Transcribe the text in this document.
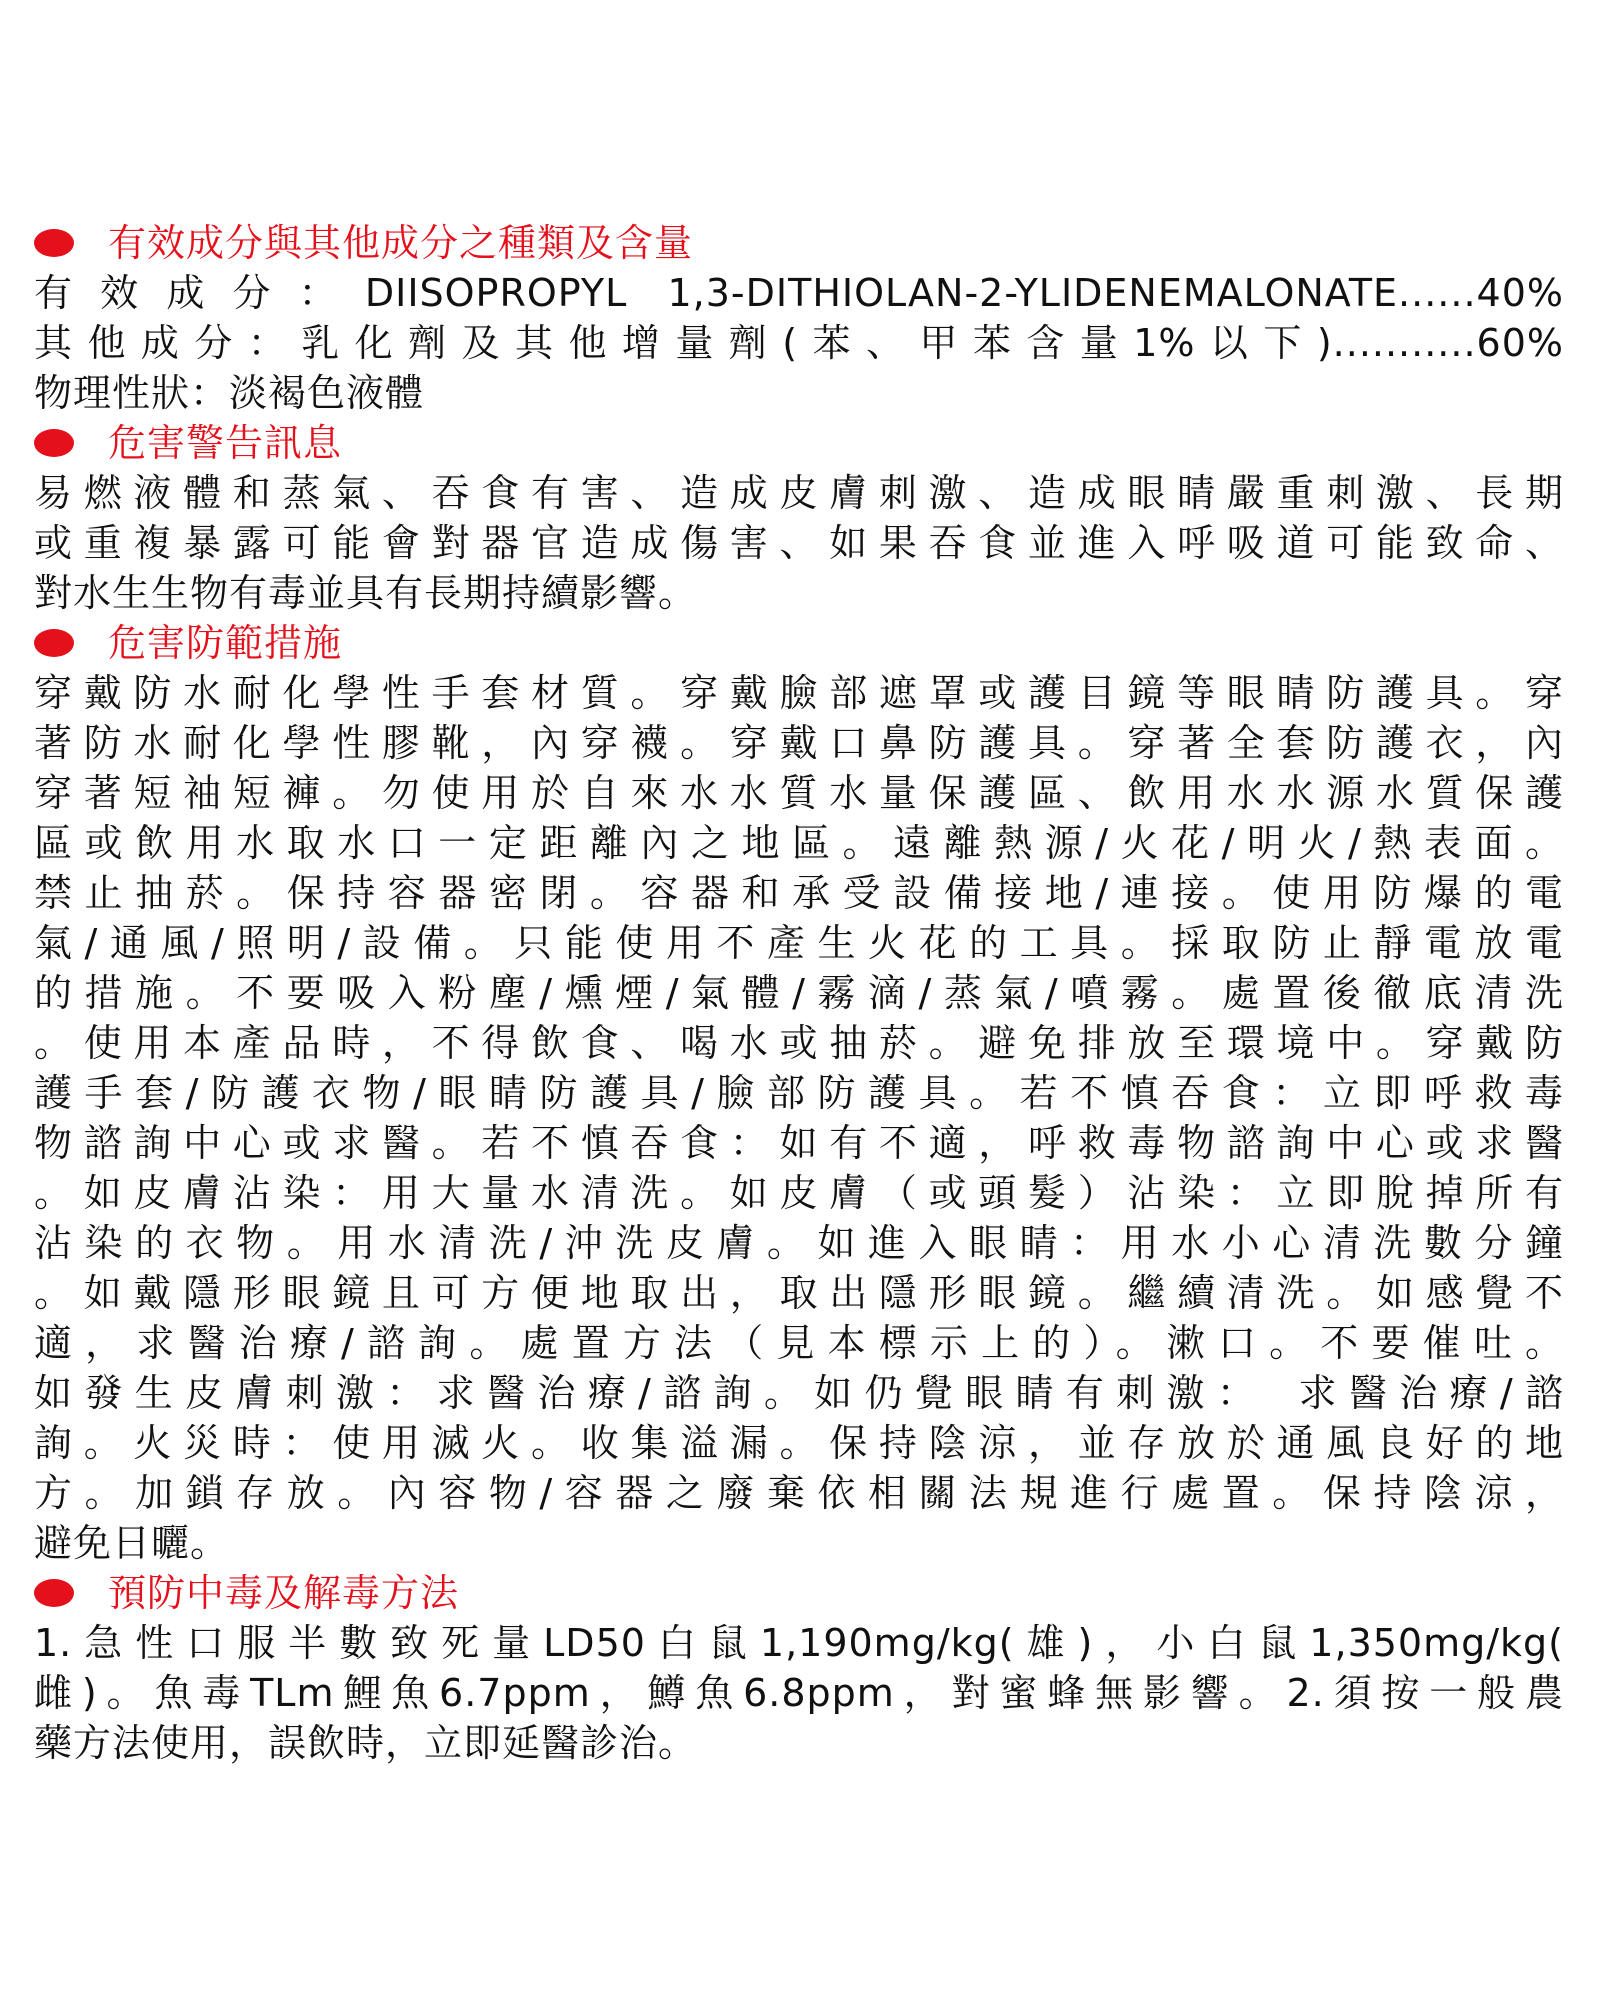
有效成分與其他成分之種類及含量
有效成分：DIISOPROPYL 1,3-DITHIOLAN-2-YLIDENEMALONATE......40%
其他成分：乳化劑及其他增量劑(苯、甲苯含量1%以下)...........60%
物理性狀：淡褐色液體
危害警告訊息
易燃液體和蒸氣、吞食有害、造成皮膚刺激、造成眼睛嚴重刺激、長期
或重複暴露可能會對器官造成傷害、如果吞食並進入呼吸道可能致命、
對水生生物有毒並具有長期持續影響。
危害防範措施
穿戴防水耐化學性手套材質。穿戴臉部遮罩或護目鏡等眼睛防護具。穿
著防水耐化學性膠靴，內穿襪。穿戴口鼻防護具。穿著全套防護衣，內
穿著短袖短褲。勿使用於自來水水質水量保護區、飲用水水源水質保護
區或飲用水取水口一定距離內之地區。遠離熱源/火花/明火/熱表面。
禁止抽菸。保持容器密閉。容器和承受設備接地/連接。使用防爆的電
氣/通風/照明/設備。只能使用不產生火花的工具。採取防止靜電放電
的措施。不要吸入粉塵/燻煙/氣體/霧滴/蒸氣/噴霧。處置後徹底清洗
。使用本產品時，不得飲食、喝水或抽菸。避免排放至環境中。穿戴防
護手套/防護衣物/眼睛防護具/臉部防護具。若不慎吞食：立即呼救毒
物諮詢中心或求醫。若不慎吞食：如有不適，呼救毒物諮詢中心或求醫
。如皮膚沾染：用大量水清洗。如皮膚（或頭髮）沾染：立即脫掉所有
沾染的衣物。用水清洗/沖洗皮膚。如進入眼睛：用水小心清洗數分鐘
。如戴隱形眼鏡且可方便地取出，取出隱形眼鏡。繼續清洗。如感覺不
適，求醫治療/諮詢。處置方法（見本標示上的）。漱口。不要催吐。
如發生皮膚刺激：求醫治療/諮詢。如仍覺眼睛有刺激：　求醫治療/諮
詢。火災時：使用滅火。收集溢漏。保持陰涼，並存放於通風良好的地
方。加鎖存放。內容物/容器之廢棄依相關法規進行處置。保持陰涼，
避免日曬。
預防中毒及解毒方法
1.急性口服半數致死量LD50白鼠1,190mg/kg(雄)，小白鼠1,350mg/kg(
雌)。魚毒TLm鯉魚6.7ppm，鱒魚6.8ppm，對蜜蜂無影響。2.須按一般農
藥方法使用，誤飲時，立即延醫診治。
